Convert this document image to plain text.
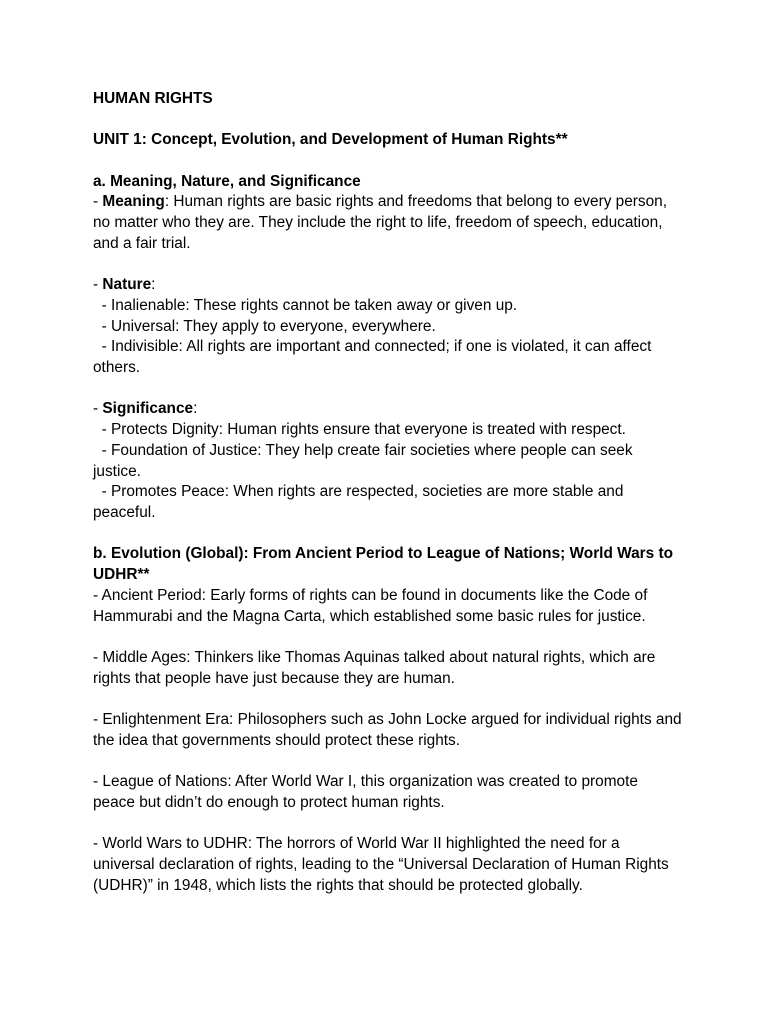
HUMAN RIGHTS

UNIT 1: Concept, Evolution, and Development of Human Rights**

a. Meaning, Nature, and Significance

- Meaning: Human rights are basic rights and freedoms that belong to every person, no matter who they are. They include the right to life, freedom of speech, education, and a fair trial.

- Nature:

- Inalienable: These rights cannot be taken away or given up.

- Universal: They apply to everyone, everywhere.

- Indivisible: All rights are important and connected; if one is violated, it can affect others.

- Significance:

- Protects Dignity: Human rights ensure that everyone is treated with respect.

- Foundation of Justice: They help create fair societies where people can seek justice.

- Promotes Peace: When rights are respected, societies are more stable and peaceful.

b. Evolution (Global): From Ancient Period to League of Nations; World Wars to UDHR**

- Ancient Period: Early forms of rights can be found in documents like the Code of Hammurabi and the Magna Carta, which established some basic rules for justice.

- Middle Ages: Thinkers like Thomas Aquinas talked about natural rights, which are rights that people have just because they are human.

- Enlightenment Era: Philosophers such as John Locke argued for individual rights and the idea that governments should protect these rights.

- League of Nations: After World War I, this organization was created to promote peace but didn’t do enough to protect human rights.

- World Wars to UDHR: The horrors of World War II highlighted the need for a universal declaration of rights, leading to the “Universal Declaration of Human Rights (UDHR)” in 1948, which lists the rights that should be protected globally.
